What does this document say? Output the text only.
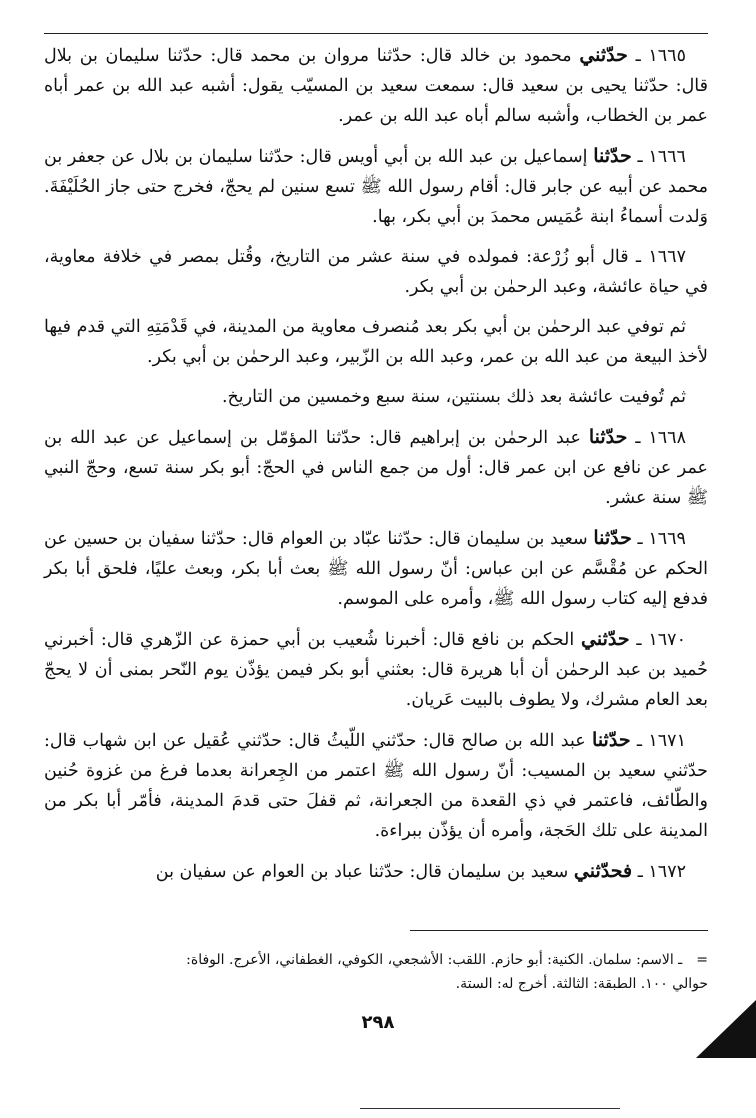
١٦٦٥ ـ حدّثني محمود بن خالد قال: حدّثنا مروان بن محمد قال: حدّثنا سليمان بن بلال قال: حدّثنا يحيى بن سعيد قال: سمعت سعيد بن المسيّب يقول: أشبه عبد الله بن عمر أباه عمر بن الخطاب، وأشبه سالم أباه عبد الله بن عمر.

١٦٦٦ ـ حدّثنا إسماعيل بن عبد الله بن أبي أويس قال: حدّثنا سليمان بن بلال عن جعفر بن محمد عن أبيه عن جابر قال: أقام رسول الله ﷺ تسع سنين لم يحجّ، فخرج حتى جاز الحُلَيْفَةَ. وَلدت أسماءُ ابنة عُمَيس محمدَ بن أبي بكر، بها.

١٦٦٧ ـ قال أبو زُرْعة: فمولده في سنة عشر من التاريخ، وقُتل بمصر في خلافة معاوية، في حياة عائشة، وعبد الرحمٰن بن أبي بكر.

ثم توفي عبد الرحمٰن بن أبي بكر بعد مُنصرف معاوية من المدينة، في قَدْمَتِهِ التي قدم فيها لأخذ البيعة من عبد الله بن عمر، وعبد الله بن الزّبير، وعبد الرحمٰن بن أبي بكر.

ثم تُوفيت عائشة بعد ذلك بسنتين، سنة سبع وخمسين من التاريخ.

١٦٦٨ ـ حدّثنا عبد الرحمٰن بن إبراهيم قال: حدّثنا المؤمّل بن إسماعيل عن عبد الله بن عمر عن نافع عن ابن عمر قال: أول من جمع الناس في الحجّ: أبو بكر سنة تسع، وحجّ النبي ﷺ سنة عشر.

١٦٦٩ ـ حدّثنا سعيد بن سليمان قال: حدّثنا عبّاد بن العوام قال: حدّثنا سفيان بن حسين عن الحكم عن مُقْسَّم عن ابن عباس: أنّ رسول الله ﷺ بعث أبا بكر، وبعث عليًا، فلحق أبا بكر فدفع إليه كتاب رسول الله ﷺ، وأمره على الموسم.

١٦٧٠ ـ حدّثني الحكم بن نافع قال: أخبرنا شُعيب بن أبي حمزة عن الزّهري قال: أخبرني حُميد بن عبد الرحمٰن أن أبا هريرة قال: بعثني أبو بكر فيمن يؤذّن يوم النّحر بمنى أن لا يحجّ بعد العام مشرك، ولا يطوف بالبيت عَريان.

١٦٧١ ـ حدّثنا عبد الله بن صالح قال: حدّثني اللّيثُ قال: حدّثني عُقيل عن ابن شهاب قال: حدّثني سعيد بن المسيب: أنّ رسول الله ﷺ اعتمر من الجِعرانة بعدما فرغ من غزوة حُنين والطّائف، فاعتمر في ذي القعدة من الجعرانة، ثم قفلَ حتى قدمَ المدينة، فأمّر أبا بكر من المدينة على تلك الحَجة، وأمره أن يؤذّن ببراءة.

١٦٧٢ ـ فحدّثني سعيد بن سليمان قال: حدّثنا عباد بن العوام عن سفيان بن

=ـ الاسم: سلمان. الكنية: أبو حازم. اللقب: الأشجعي، الكوفي، الغطفاني، الأعرج. الوفاة:
حوالي ١٠٠. الطبقة: الثالثة. أخرج له: الستة.
٢٩٨
